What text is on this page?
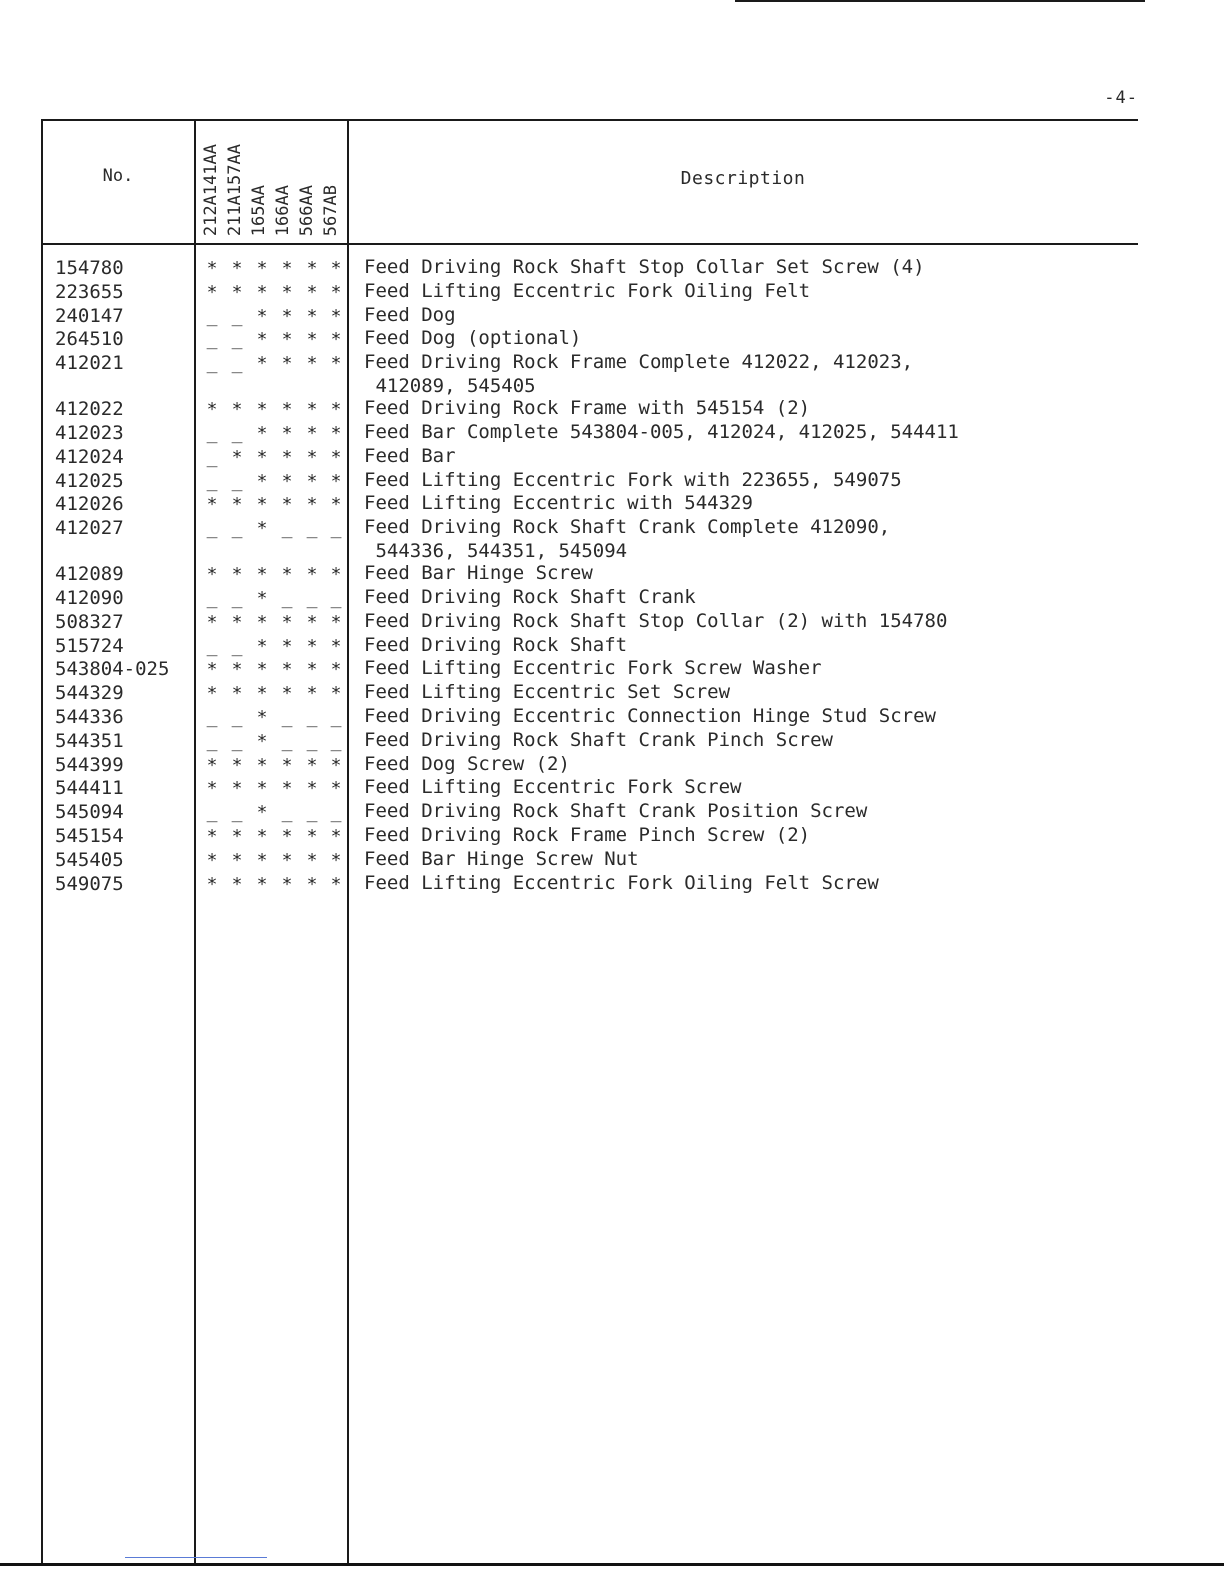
-4-
No.	212A141AA 211A157AA 165AA 166AA 566AA 567AB
Description
154780	* * * * * * Feed Driving Rock Shaft Stop Collar Set Screw (4)
223655	* * * * * * Feed Lifting Eccentric Fork Oiling Felt
240147	_ _ * * * * Feed Dog
264510	_ _ * * * * Feed Dog (optional)
412021	_ _ * * * * Feed Driving Rock Frame Complete 412022, 412023,
412089, 545405
412022	* * * * * * Feed Driving Rock Frame with 545154 (2)
412023	_ _ * * * * Feed Bar Complete 543804-005, 412024, 412025, 544411
412024	_ * * * * * Feed Bar
412025	_ _ * * * * Feed Lifting Eccentric Fork with 223655, 549075
412026	* * * * * * Feed Lifting Eccentric with 544329
412027	_ _ * _ _ _ Feed Driving Rock Shaft Crank Complete 412090,
544336, 544351, 545094
412089	* * * * * * Feed Bar Hinge Screw
412090	_ _ * _ _ _ Feed Driving Rock Shaft Crank
508327	* * * * * * Feed Driving Rock Shaft Stop Collar (2) with 154780
515724	_ _ * * * * Feed Driving Rock Shaft
543804-025 * * * * * * Feed Lifting Eccentric Fork Screw Washer
544329	* * * * * * Feed Lifting Eccentric Set Screw
544336	_ _ * _ _ _ Feed Driving Eccentric Connection Hinge Stud Screw
544351	_ _ * _ _ _ Feed Driving Rock Shaft Crank Pinch Screw
544399	* * * * * * Feed Dog Screw (2)
544411	* * * * * * Feed Lifting Eccentric Fork Screw
545094	_ _ * _ _ _ Feed Driving Rock Shaft Crank Position Screw
545154	* * * * * * Feed Driving Rock Frame Pinch Screw (2)
545405	* * * * * * Feed Bar Hinge Screw Nut
549075	* * * * * * Feed Lifting Eccentric Fork Oiling Felt Screw
